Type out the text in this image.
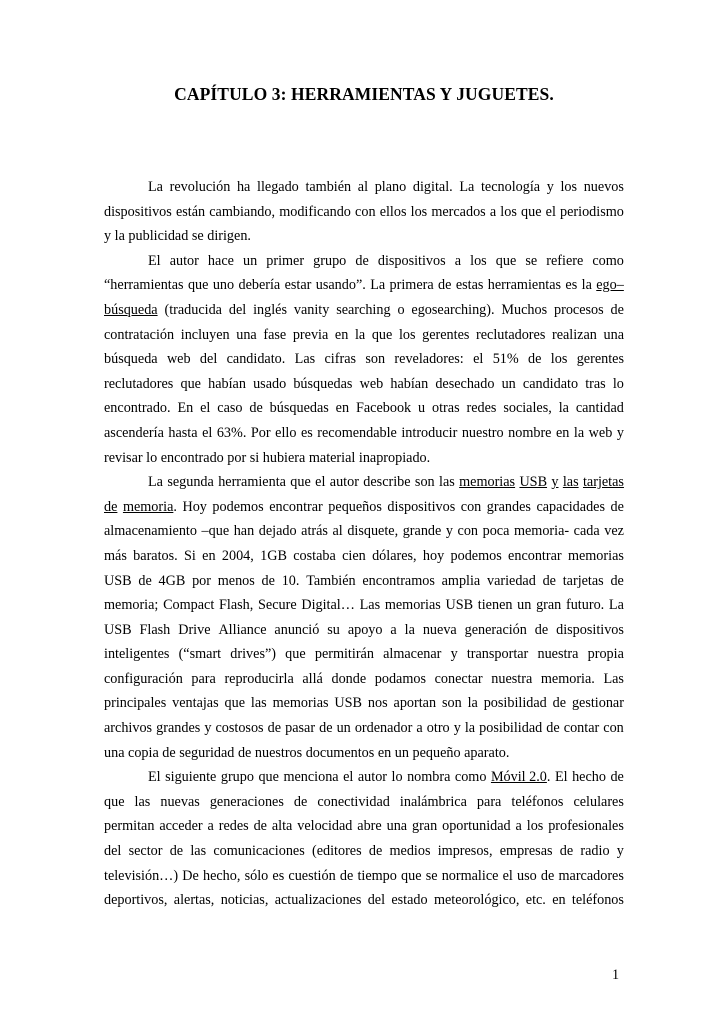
CAPÍTULO 3: HERRAMIENTAS Y JUGUETES.
La revolución ha llegado también al plano digital. La tecnología y los nuevos
dispositivos están cambiando, modificando con ellos los mercados a los que el periodismo
y la publicidad se dirigen.
El autor hace un primer grupo de dispositivos a los que se refiere como
“herramientas que uno debería estar usando”. La primera de estas herramientas es la ego–
búsqueda (traducida del inglés vanity searching o egosearching). Muchos procesos de
contratación incluyen una fase previa en la que los gerentes reclutadores realizan una
búsqueda web del candidato. Las cifras son reveladores: el 51% de los gerentes
reclutadores que habían usado búsquedas web habían desechado un candidato tras lo
encontrado. En el caso de búsquedas en Facebook u otras redes sociales, la cantidad
ascendería hasta el 63%. Por ello es recomendable introducir nuestro nombre en la web y
revisar lo encontrado por si hubiera material inapropiado.
La segunda herramienta que el autor describe son las memorias USB y las tarjetas
de memoria. Hoy podemos encontrar pequeños dispositivos con grandes capacidades de
almacenamiento –que han dejado atrás al disquete, grande y con poca memoria- cada vez
más baratos. Si en 2004, 1GB costaba cien dólares, hoy podemos encontrar memorias
USB de 4GB por menos de 10. También encontramos amplia variedad de tarjetas de
memoria; Compact Flash, Secure Digital… Las memorias USB tienen un gran futuro. La
USB Flash Drive Alliance anunció su apoyo a la nueva generación de dispositivos
inteligentes (“smart drives”) que permitirán almacenar y transportar nuestra propia
configuración para reproducirla allá donde podamos conectar nuestra memoria. Las
principales ventajas que las memorias USB nos aportan son la posibilidad de gestionar
archivos grandes y costosos de pasar de un ordenador a otro y la posibilidad de contar con
una copia de seguridad de nuestros documentos en un pequeño aparato.
El siguiente grupo que menciona el autor lo nombra como Móvil 2.0. El hecho de
que las nuevas generaciones de conectividad inalámbrica para teléfonos celulares
permitan acceder a redes de alta velocidad abre una gran oportunidad a los profesionales
del sector de las comunicaciones (editores de medios impresos, empresas de radio y
televisión…) De hecho, sólo es cuestión de tiempo que se normalice el uso de marcadores
deportivos, alertas, noticias, actualizaciones del estado meteorológico, etc. en teléfonos
1
